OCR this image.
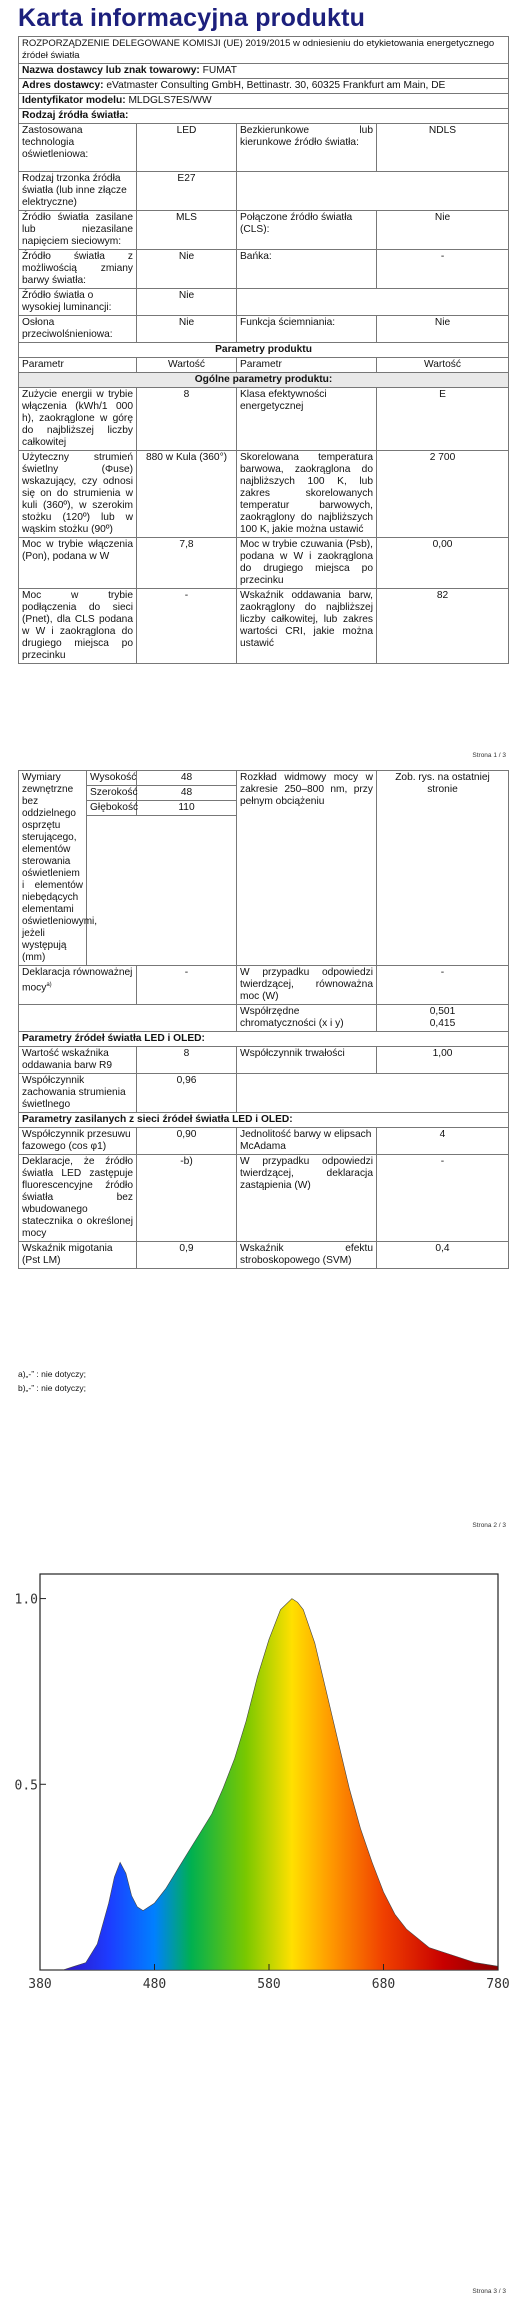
Karta informacyjna produktu
ROZPORZĄDZENIE DELEGOWANE KOMISJI (UE) 2019/2015 w odniesieniu do etykietowania energetycznego źródeł światła			
Nazwa dostawcy lub znak towarowy: FUMAT			
Adres dostawcy: eVatmaster Consulting GmbH, Bettinastr. 30, 60325 Frankfurt am Main, DE			
Identyfikator modelu: MLDGLS7ES/WW			
Rodzaj źródła światła:			
Zastosowana technologia oświetleniowa:	LED	Bezkierunkowe lub kierunkowe źródło światła:	NDLS
Rodzaj trzonka źródła światła (lub inne złącze elektryczne)	E27		
Źródło światła zasilane lub niezasilane napięciem sieciowym:	MLS	Połączone źródło światła (CLS):	Nie
Źródło światła z możliwością zmiany barwy światła:	Nie	Bańka:	-
Źródło światła o wysokiej luminancji:	Nie		
Osłona przeciwolśnieniowa:	Nie	Funkcja ściemniania:	Nie
Parametry produktu			
Parametr	Wartość	Parametr	Wartość
Ogólne parametry produktu:			
Zużycie energii w trybie włączenia (kWh/1 000 h), zaokrąglone w górę do najbliższej liczby całkowitej	8	Klasa efektywności energetycznej	E
Użyteczny strumień świetlny (Φuse) wskazujący, czy odnosi się on do strumienia w kuli (360º), w szerokim stożku (120º) lub w wąskim stożku (90º)	880 w Kula (360°)	Skorelowana temperatura barwowa, zaokrąglona do najbliższych 100 K, lub zakres skorelowanych temperatur barwowych, zaokrąglony do najbliższych 100 K, jakie można ustawić	2 700
Moc w trybie włączenia (Pon), podana w W	7,8	Moc w trybie czuwania (Psb), podana w W i zaokrąglona do drugiego miejsca po przecinku	0,00
Moc w trybie podłączenia do sieci (Pnet), dla CLS podana w W i zaokrąglona do drugiego miejsca po przecinku	-	Wskaźnik oddawania barw, zaokrąglony do najbliższej liczby całkowitej, lub zakres wartości CRI, jakie można ustawić	82
Strona 1 / 3
Wymiary zewnętrzne bez oddzielnego osprzętu sterującego, elementów sterowania oświetleniem i elementów niebędących elementami oświetleniowymi, jeżeli występują (mm)	Wysokość	48	Rozkład widmowy mocy w zakresie 250–800 nm, przy pełnym obciążeniu	Zob. rys. na ostatniej stronie
	Szerokość	48		
	Głębokość	110		

Deklaracja równoważnej mocy$^{a)}$		-	W przypadku odpowiedzi twierdzącej, równoważna moc (W)	-
			Współrzędne chromatyczności (x i y)	0,501
0,415

Parametry źródeł światła LED i OLED:				
Wartość wskaźnika oddawania barw R9		8	Współczynnik trwałości	1,00
Współczynnik zachowania strumienia świetlnego		0,96		
Parametry zasilanych z sieci źródeł światła LED i OLED:				
Współczynnik przesuwu fazowego (cos φ1)		0,90	Jednolitość barwy w elipsach McAdama	4
Deklaracje, że źródło światła LED zastępuje fluorescencyjne źródło światła bez wbudowanego statecznika o określonej mocy		-b)	W przypadku odpowiedzi twierdzącej, deklaracja zastąpienia (W)	-
Wskaźnik migotania (Pst LM)		0,9	Wskaźnik efektu stroboskopowego (SVM)	0,4
a)„-” : nie dotyczy;
b)„-” : nie dotyczy;
Strona 2 / 3
Strona 3 / 3
380	480	580	680	780
1.0
0.5
